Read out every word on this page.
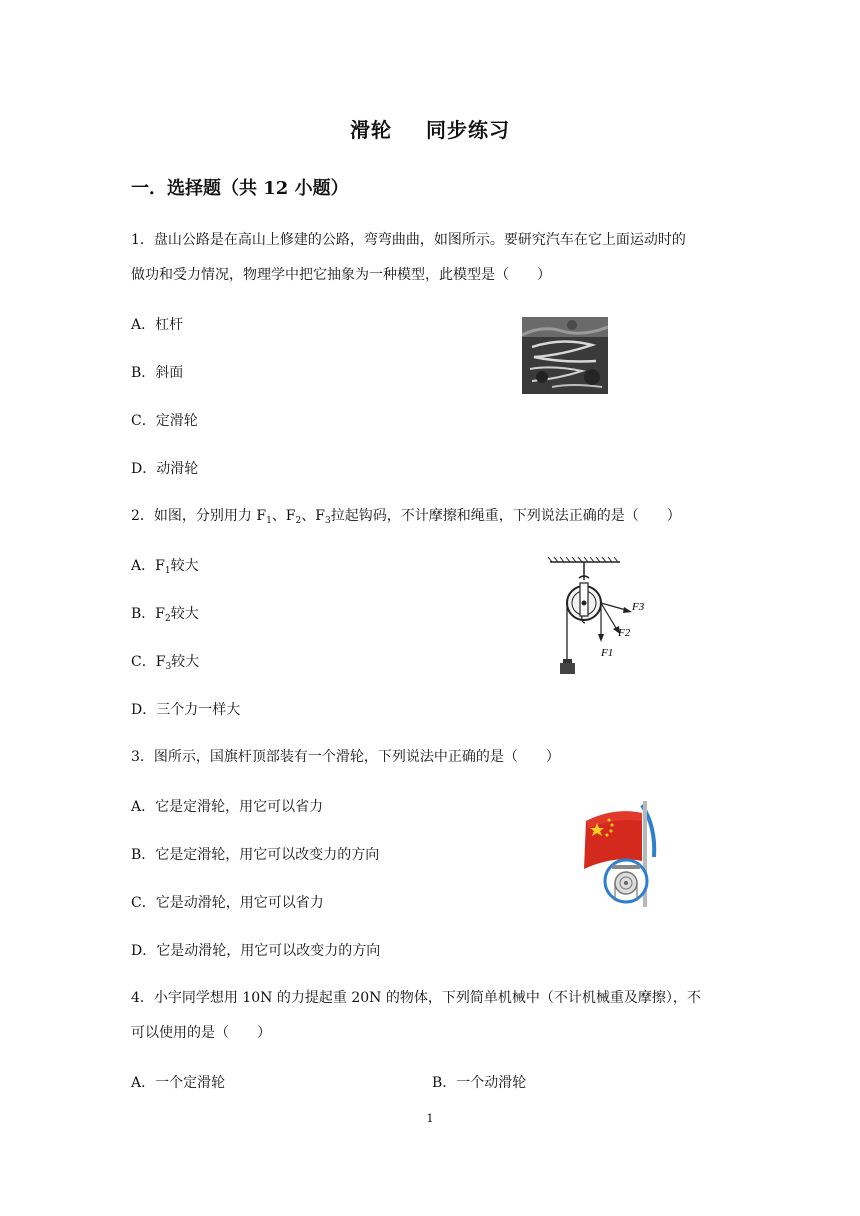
滑轮 同步练习
一．选择题（共 12 小题）
1．盘山公路是在高山上修建的公路，弯弯曲曲，如图所示。要研究汽车在它上面运动时的
做功和受力情况，物理学中把它抽象为一种模型，此模型是（　　）
A．杠杆
B．斜面
C．定滑轮
D．动滑轮
2．如图，分别用力 $F_1$、$F_2$、$F_3$拉起钩码，不计摩擦和绳重，下列说法正确的是（　　）
A．$F_1$较大
B．$F_2$较大
C．$F_3$较大
D．三个力一样大
F1
F2
F3
3．图所示，国旗杆顶部装有一个滑轮，下列说法中正确的是（　　）
A．它是定滑轮，用它可以省力
B．它是定滑轮，用它可以改变力的方向
C．它是动滑轮，用它可以省力
D．它是动滑轮，用它可以改变力的方向
4．小宇同学想用 10N 的力提起重 20N 的物体，下列简单机械中（不计机械重及摩擦），不
可以使用的是（　　）
A．一个定滑轮	B．一个动滑轮
1
